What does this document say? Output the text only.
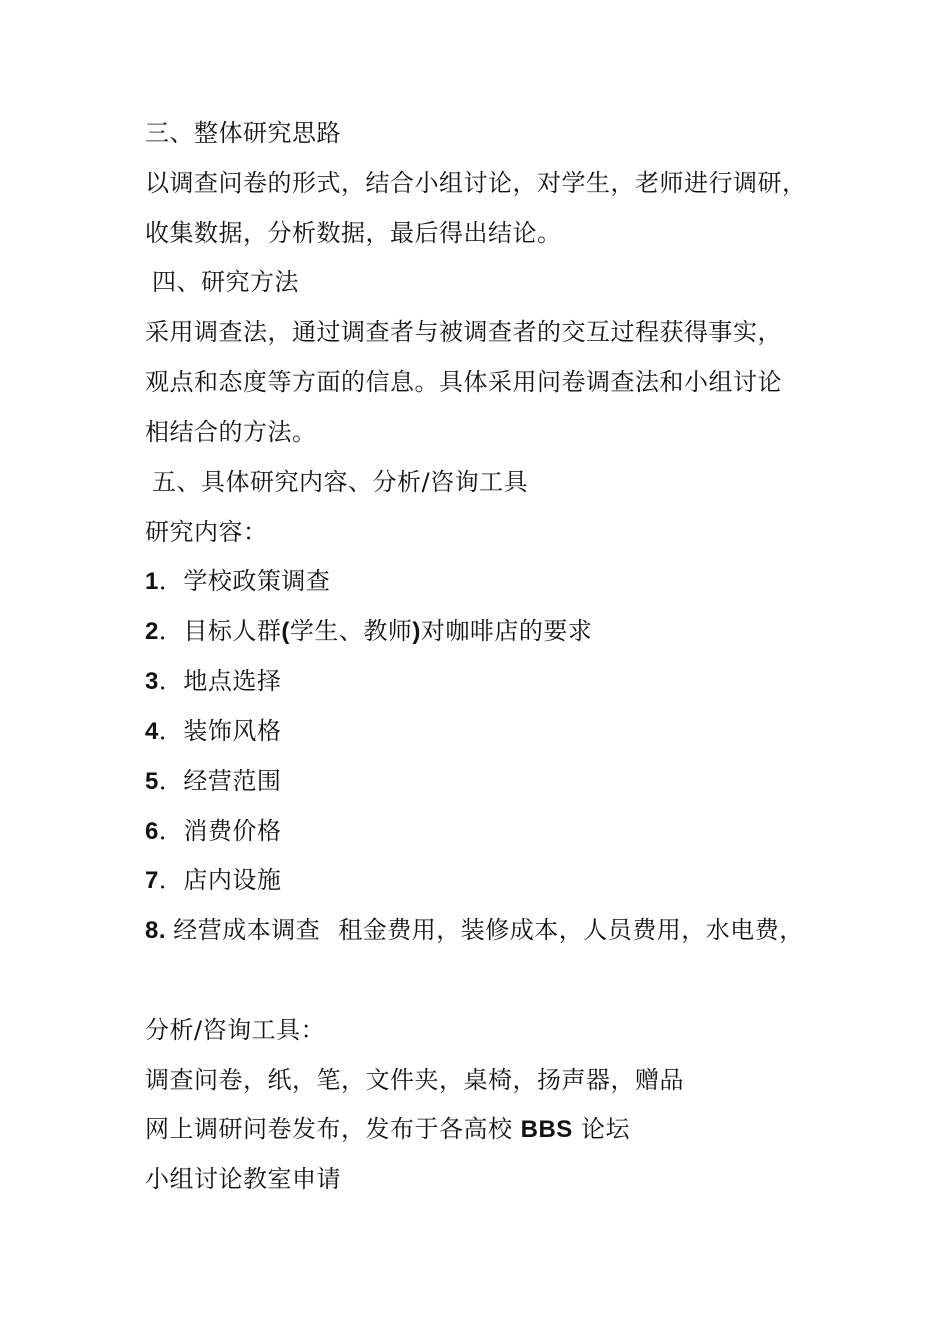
三、整体研究思路

以调查问卷的形式，结合小组讨论，对学生，老师进行调研，

收集数据，分析数据，最后得出结论。

四、研究方法

采用调查法，通过调查者与被调查者的交互过程获得事实，

观点和态度等方面的信息。具体采用问卷调查法和小组讨论

相结合的方法。

五、具体研究内容、分析/咨询工具

研究内容：

1．学校政策调查

2．目标人群(学生、教师)对咖啡店的要求

3．地点选择

4．装饰风格

5．经营范围

6．消费价格

7．店内设施

8. 经营成本调查 租金费用，装修成本，人员费用，水电费，

分析/咨询工具：

调查问卷，纸，笔，文件夹，桌椅，扬声器，赠品

网上调研问卷发布，发布于各高校 BBS 论坛

小组讨论教室申请
